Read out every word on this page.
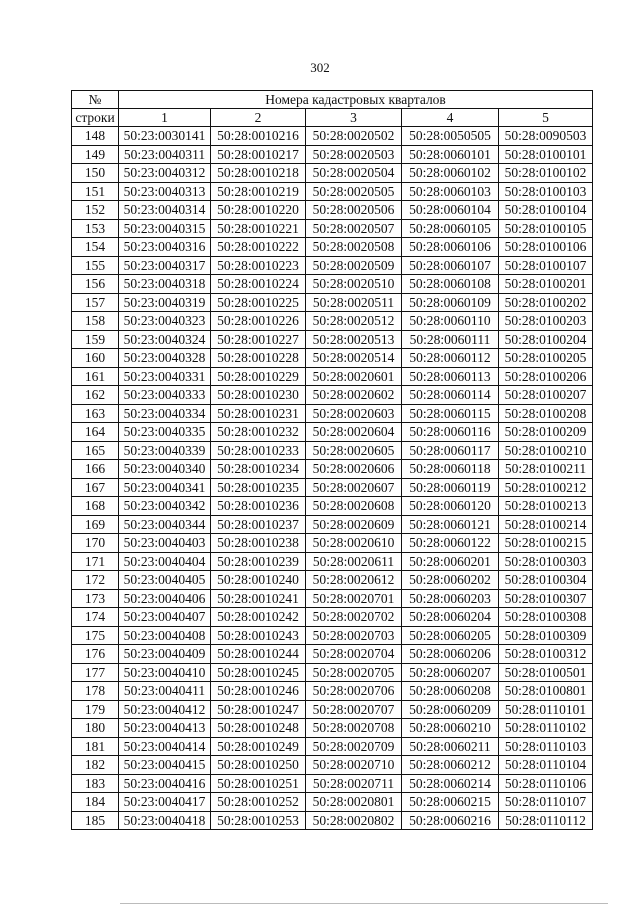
302
№	Номера кадастровых кварталов				
строки	1	2	3	4	5
148	50:23:0030141	50:28:0010216	50:28:0020502	50:28:0050505	50:28:0090503
149	50:23:0040311	50:28:0010217	50:28:0020503	50:28:0060101	50:28:0100101
150	50:23:0040312	50:28:0010218	50:28:0020504	50:28:0060102	50:28:0100102
151	50:23:0040313	50:28:0010219	50:28:0020505	50:28:0060103	50:28:0100103
152	50:23:0040314	50:28:0010220	50:28:0020506	50:28:0060104	50:28:0100104
153	50:23:0040315	50:28:0010221	50:28:0020507	50:28:0060105	50:28:0100105
154	50:23:0040316	50:28:0010222	50:28:0020508	50:28:0060106	50:28:0100106
155	50:23:0040317	50:28:0010223	50:28:0020509	50:28:0060107	50:28:0100107
156	50:23:0040318	50:28:0010224	50:28:0020510	50:28:0060108	50:28:0100201
157	50:23:0040319	50:28:0010225	50:28:0020511	50:28:0060109	50:28:0100202
158	50:23:0040323	50:28:0010226	50:28:0020512	50:28:0060110	50:28:0100203
159	50:23:0040324	50:28:0010227	50:28:0020513	50:28:0060111	50:28:0100204
160	50:23:0040328	50:28:0010228	50:28:0020514	50:28:0060112	50:28:0100205
161	50:23:0040331	50:28:0010229	50:28:0020601	50:28:0060113	50:28:0100206
162	50:23:0040333	50:28:0010230	50:28:0020602	50:28:0060114	50:28:0100207
163	50:23:0040334	50:28:0010231	50:28:0020603	50:28:0060115	50:28:0100208
164	50:23:0040335	50:28:0010232	50:28:0020604	50:28:0060116	50:28:0100209
165	50:23:0040339	50:28:0010233	50:28:0020605	50:28:0060117	50:28:0100210
166	50:23:0040340	50:28:0010234	50:28:0020606	50:28:0060118	50:28:0100211
167	50:23:0040341	50:28:0010235	50:28:0020607	50:28:0060119	50:28:0100212
168	50:23:0040342	50:28:0010236	50:28:0020608	50:28:0060120	50:28:0100213
169	50:23:0040344	50:28:0010237	50:28:0020609	50:28:0060121	50:28:0100214
170	50:23:0040403	50:28:0010238	50:28:0020610	50:28:0060122	50:28:0100215
171	50:23:0040404	50:28:0010239	50:28:0020611	50:28:0060201	50:28:0100303
172	50:23:0040405	50:28:0010240	50:28:0020612	50:28:0060202	50:28:0100304
173	50:23:0040406	50:28:0010241	50:28:0020701	50:28:0060203	50:28:0100307
174	50:23:0040407	50:28:0010242	50:28:0020702	50:28:0060204	50:28:0100308
175	50:23:0040408	50:28:0010243	50:28:0020703	50:28:0060205	50:28:0100309
176	50:23:0040409	50:28:0010244	50:28:0020704	50:28:0060206	50:28:0100312
177	50:23:0040410	50:28:0010245	50:28:0020705	50:28:0060207	50:28:0100501
178	50:23:0040411	50:28:0010246	50:28:0020706	50:28:0060208	50:28:0100801
179	50:23:0040412	50:28:0010247	50:28:0020707	50:28:0060209	50:28:0110101
180	50:23:0040413	50:28:0010248	50:28:0020708	50:28:0060210	50:28:0110102
181	50:23:0040414	50:28:0010249	50:28:0020709	50:28:0060211	50:28:0110103
182	50:23:0040415	50:28:0010250	50:28:0020710	50:28:0060212	50:28:0110104
183	50:23:0040416	50:28:0010251	50:28:0020711	50:28:0060214	50:28:0110106
184	50:23:0040417	50:28:0010252	50:28:0020801	50:28:0060215	50:28:0110107
185	50:23:0040418	50:28:0010253	50:28:0020802	50:28:0060216	50:28:0110112
